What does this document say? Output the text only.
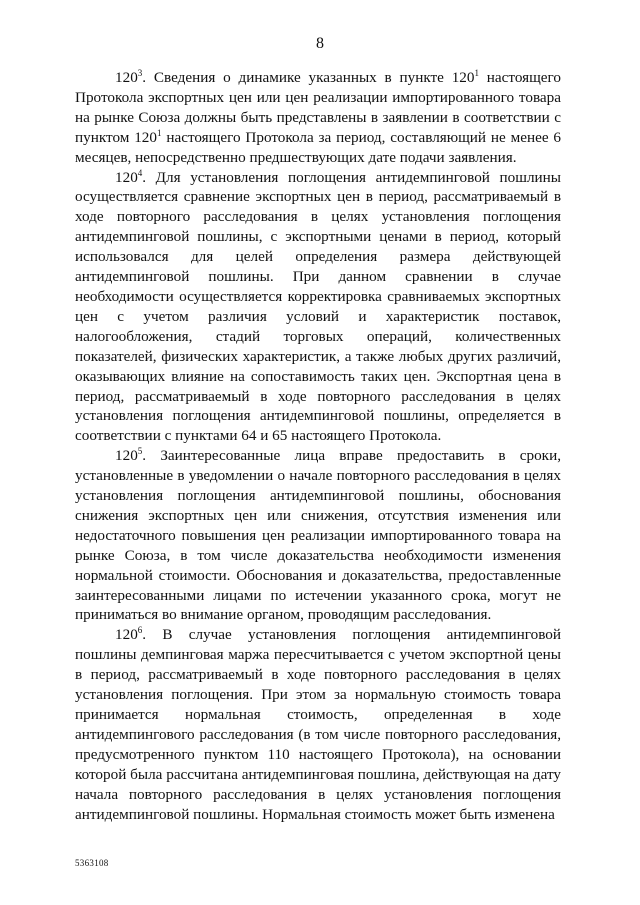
8

$120^3$. Сведения о динамике указанных в пункте $120^1$ настоящего Протокола экспортных цен или цен реализации импортированного товара на рынке Союза должны быть представлены в заявлении в соответствии с пунктом $120^1$ настоящего Протокола за период, составляющий не менее 6 месяцев, непосредственно предшествующих дате подачи заявления.

$120^4$. Для установления поглощения антидемпинговой пошлины осуществляется сравнение экспортных цен в период, рассматриваемый в ходе повторного расследования в целях установления поглощения антидемпинговой пошлины, с экспортными ценами в период, который использовался для целей определения размера действующей антидемпинговой пошлины. При данном сравнении в случае необходимости осуществляется корректировка сравниваемых экспортных цен с учетом различия условий и характеристик поставок, налогообложения, стадий торговых операций, количественных показателей, физических характеристик, а также любых других различий, оказывающих влияние на сопоставимость таких цен. Экспортная цена в период, рассматриваемый в ходе повторного расследования в целях установления поглощения антидемпинговой пошлины, определяется в соответствии с пунктами 64 и 65 настоящего Протокола.

$120^5$. Заинтересованные лица вправе предоставить в сроки, установленные в уведомлении о начале повторного расследования в целях установления поглощения антидемпинговой пошлины, обоснования снижения экспортных цен или снижения, отсутствия изменения или недостаточного повышения цен реализации импортированного товара на рынке Союза, в том числе доказательства необходимости изменения нормальной стоимости. Обоснования и доказательства, предоставленные заинтересованными лицами по истечении указанного срока, могут не приниматься во внимание органом, проводящим расследования.

$120^6$. В случае установления поглощения антидемпинговой пошлины демпинговая маржа пересчитывается с учетом экспортной цены в период, рассматриваемый в ходе повторного расследования в целях установления поглощения. При этом за нормальную стоимость товара принимается нормальная стоимость, определенная в ходе антидемпингового расследования (в том числе повторного расследования, предусмотренного пунктом 110 настоящего Протокола), на основании которой была рассчитана антидемпинговая пошлина, действующая на дату начала повторного расследования в целях установления поглощения антидемпинговой пошлины. Нормальная стоимость может быть изменена

5363108
